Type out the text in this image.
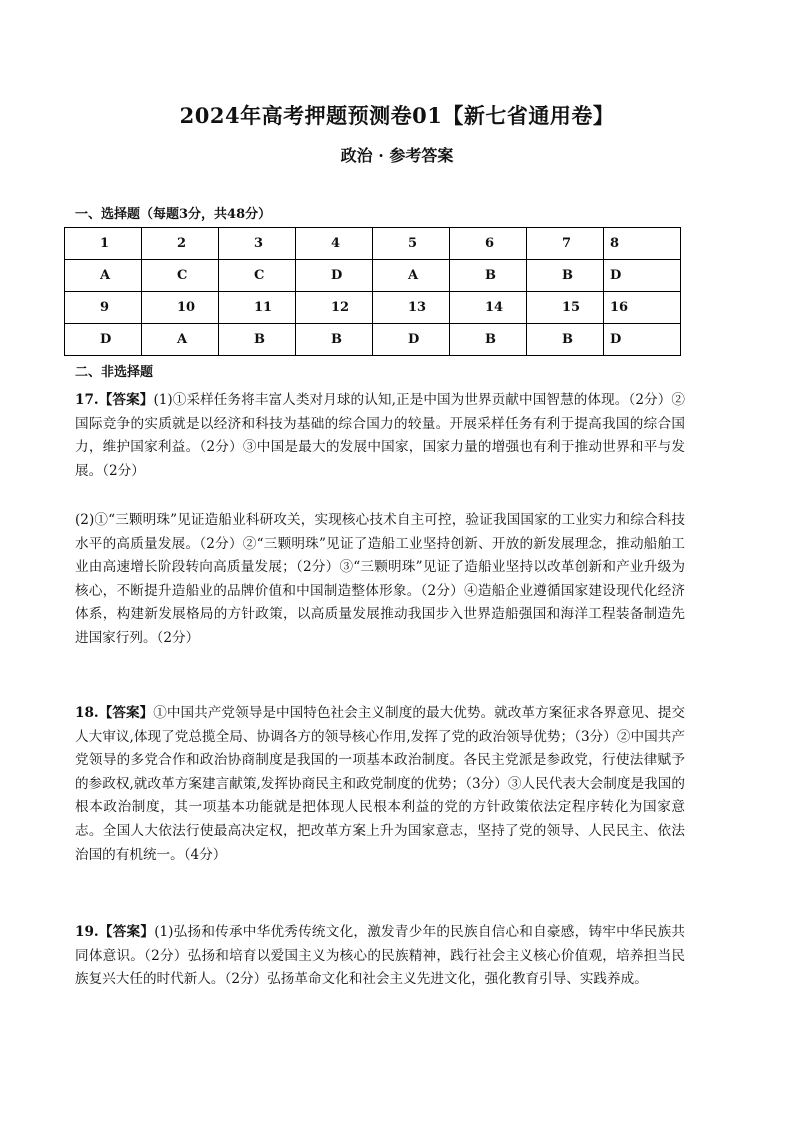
2024年高考押题预测卷01【新七省通用卷】
政治 · 参考答案
一、选择题（每题3分，共48分）
1	2	3	4	5	6	7	8
A	C	C	D	A	B	B	D
9	10	11	12	13	14	15	16
D	A	B	B	D	B	B	D
二、非选择题
17.【答案】(1)①采样任务将丰富人类对月球的认知,正是中国为世界贡献中国智慧的体现。（2分）②国际竞争的实质就是以经济和科技为基础的综合国力的较量。开展采样任务有利于提高我国的综合国力，维护国家利益。（2分）③中国是最大的发展中国家，国家力量的增强也有利于推动世界和平与发展。（2分）
(2)①“三颗明珠”见证造船业科研攻关，实现核心技术自主可控，验证我国国家的工业实力和综合科技水平的高质量发展。（2分）②“三颗明珠”见证了造船工业坚持创新、开放的新发展理念，推动船舶工业由高速增长阶段转向高质量发展；（2分）③“三颗明珠”见证了造船业坚持以改革创新和产业升级为核心，不断提升造船业的品牌价值和中国制造整体形象。（2分）④造船企业遵循国家建设现代化经济体系，构建新发展格局的方针政策，以高质量发展推动我国步入世界造船强国和海洋工程装备制造先进国家行列。（2分）
18.【答案】①中国共产党领导是中国特色社会主义制度的最大优势。就改革方案征求各界意见、提交人大审议,体现了党总揽全局、协调各方的领导核心作用,发挥了党的政治领导优势；（3分）②中国共产党领导的多党合作和政治协商制度是我国的一项基本政治制度。各民主党派是参政党，行使法律赋予的参政权,就改革方案建言献策,发挥协商民主和政党制度的优势；（3分）③人民代表大会制度是我国的根本政治制度，其一项基本功能就是把体现人民根本利益的党的方针政策依法定程序转化为国家意志。全国人大依法行使最高决定权，把改革方案上升为国家意志，坚持了党的领导、人民民主、依法治国的有机统一。（4分）
19.【答案】(1)弘扬和传承中华优秀传统文化，激发青少年的民族自信心和自豪感，铸牢中华民族共同体意识。（2分）弘扬和培育以爱国主义为核心的民族精神，践行社会主义核心价值观，培养担当民族复兴大任的时代新人。（2分）弘扬革命文化和社会主义先进文化，强化教育引导、实践养成。
